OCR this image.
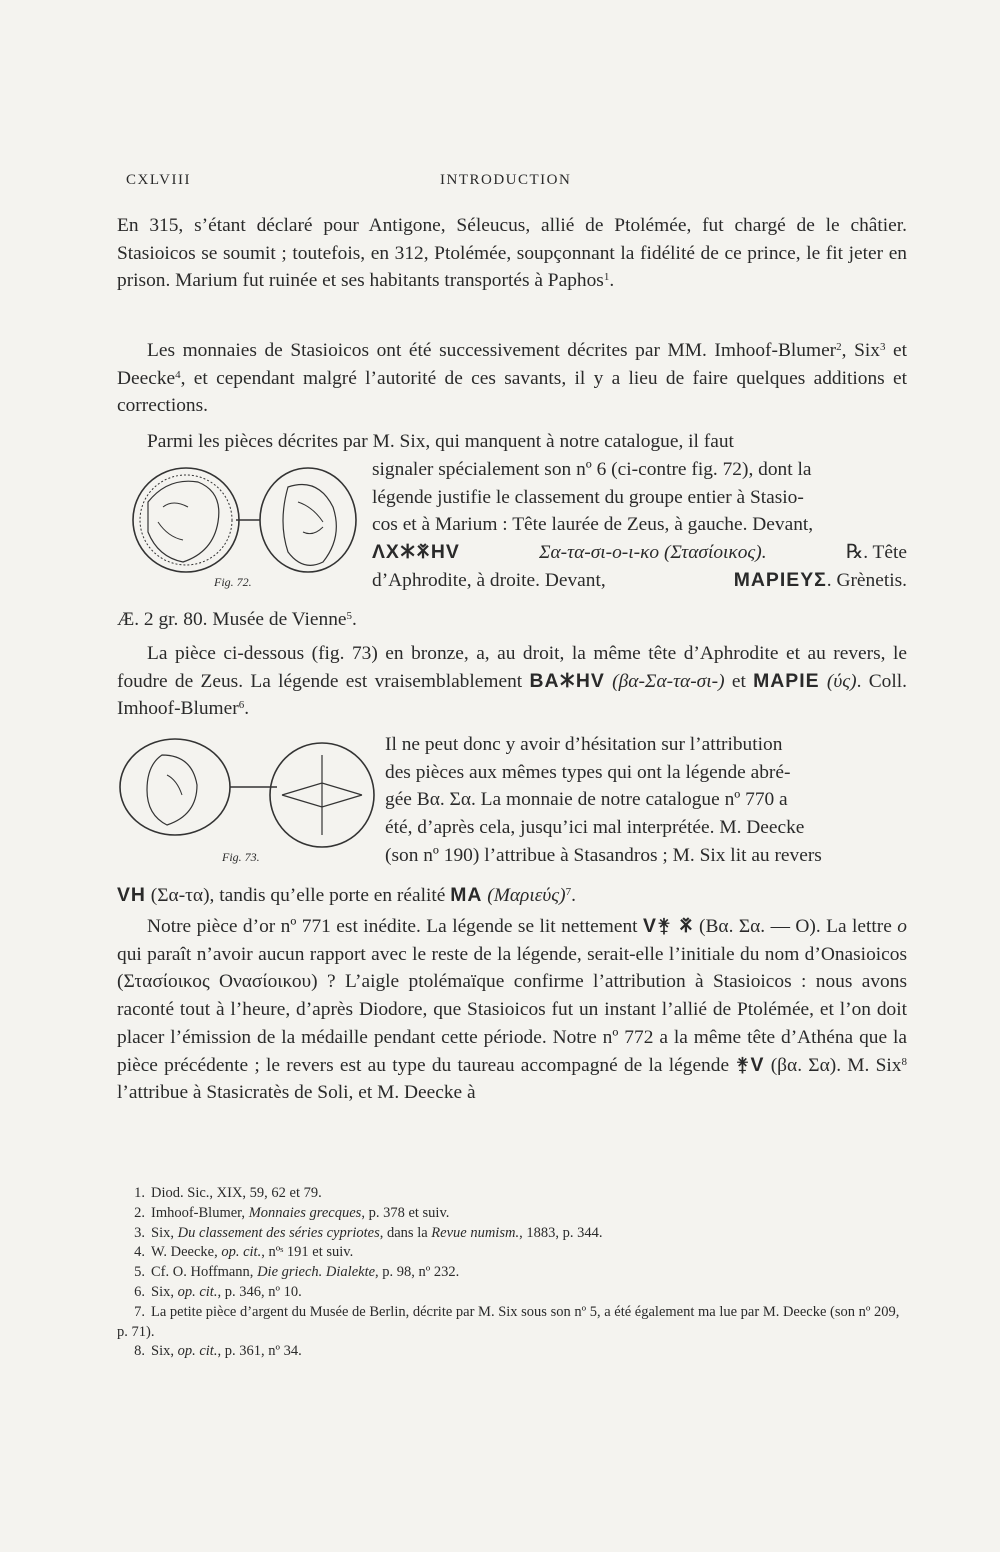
CXLVIII	INTRODUCTION
En 315, s’étant déclaré pour Antigone, Séleucus, allié de Ptolémée, fut chargé de le châtier. Stasioicos se soumit ; toutefois, en 312, Ptolémée, soupçonnant la fidélité de ce prince, le fit jeter en prison. Marium fut ruinée et ses habitants transportés à Paphos$^1$.
Les monnaies de Stasioicos ont été successivement décrites par MM. Imhoof-Blumer$^2$, Six$^3$ et Deecke$^4$, et cependant malgré l’autorité de ces savants, il y a lieu de faire quelques additions et corrections.
Parmi les pièces décrites par M. Six, qui manquent à notre catalogue, il faut
Fig. 72.
signaler spécialement son nº 6 (ci-contre fig. 72), dont la
légende justifie le classement du groupe entier à Stasio-
cos et à Marium : Tête laurée de Zeus, à gauche. Devant,
ΛΧ𐠎𐠀ΗV	Σα-τα-σι-ο-ι-κο (Στασίοικος).	℞. Tête
d’Aphrodite, à droite. Devant,	ΜΑΡΙΕΥΣ. Grènetis.
Æ. 2 gr. 80. Musée de Vienne$^5$.
La pièce ci-dessous (fig. 73) en bronze, a, au droit, la même tête d’Aphrodite et au revers, le foudre de Zeus. La légende est vraisemblablement ΒΑ𐠀ΗV (βα-Σα-τα-σι-) et ΜΑΡΙΕ (ύς). Coll. Imhoof-Blumer$^6$.
Fig. 73.
Il ne peut donc y avoir d’hésitation sur l’attribution
des pièces aux mêmes types qui ont la légende abré-
gée Βα. Σα. La monnaie de notre catalogue nº 770 a
été, d’après cela, jusqu’ici mal interprétée. M. Deecke
(son nº 190) l’attribue à Stasandros ; M. Six lit au revers
VΗ (Σα-τα), tandis qu’elle porte en réalité ΜΑ $(M\alpha\rho\iota\varepsilon ύ\varsigma)^7$.
Notre pièce d’or nº 771 est inédite. La légende se lit nettement V⚵ 𐠎 (Βα. Σα. — O). La lettre o qui paraît n’avoir aucun rapport avec le reste de la légende, serait-elle l’initiale du nom d’Onasioicos (Στασίοικος Ονασίοικου) ? L’aigle ptolémaïque confirme l’attribution à Stasioicos : nous avons raconté tout à l’heure, d’après Diodore, que Stasioicos fut un instant l’allié de Ptolémée, et l’on doit placer l’émission de la médaille pendant cette période. Notre nº 772 a la même tête d’Athéna que la pièce précédente ; le revers est au type du taureau accompagné de la légende ⚵V (βα. Σα). M. Six$^8$ l’attribue à Stasicratès de Soli, et M. Deecke à
1. Diod. Sic., XIX, 59, 62 et 79.
2. Imhoof-Blumer, Monnaies grecques, p. 378 et suiv.
3. Six, Du classement des séries cypriotes, dans la Revue numism., 1883, p. 344.
4. W. Deecke, op. cit., nºˢ 191 et suiv.
5. Cf. O. Hoffmann, Die griech. Dialekte, p. 98, nº 232.
6. Six, op. cit., p. 346, nº 10.
7. La petite pièce d’argent du Musée de Berlin, décrite par M. Six sous son nº 5, a été également ma lue par M. Deecke (son nº 209, p. 71).
8. Six, op. cit., p. 361, nº 34.
